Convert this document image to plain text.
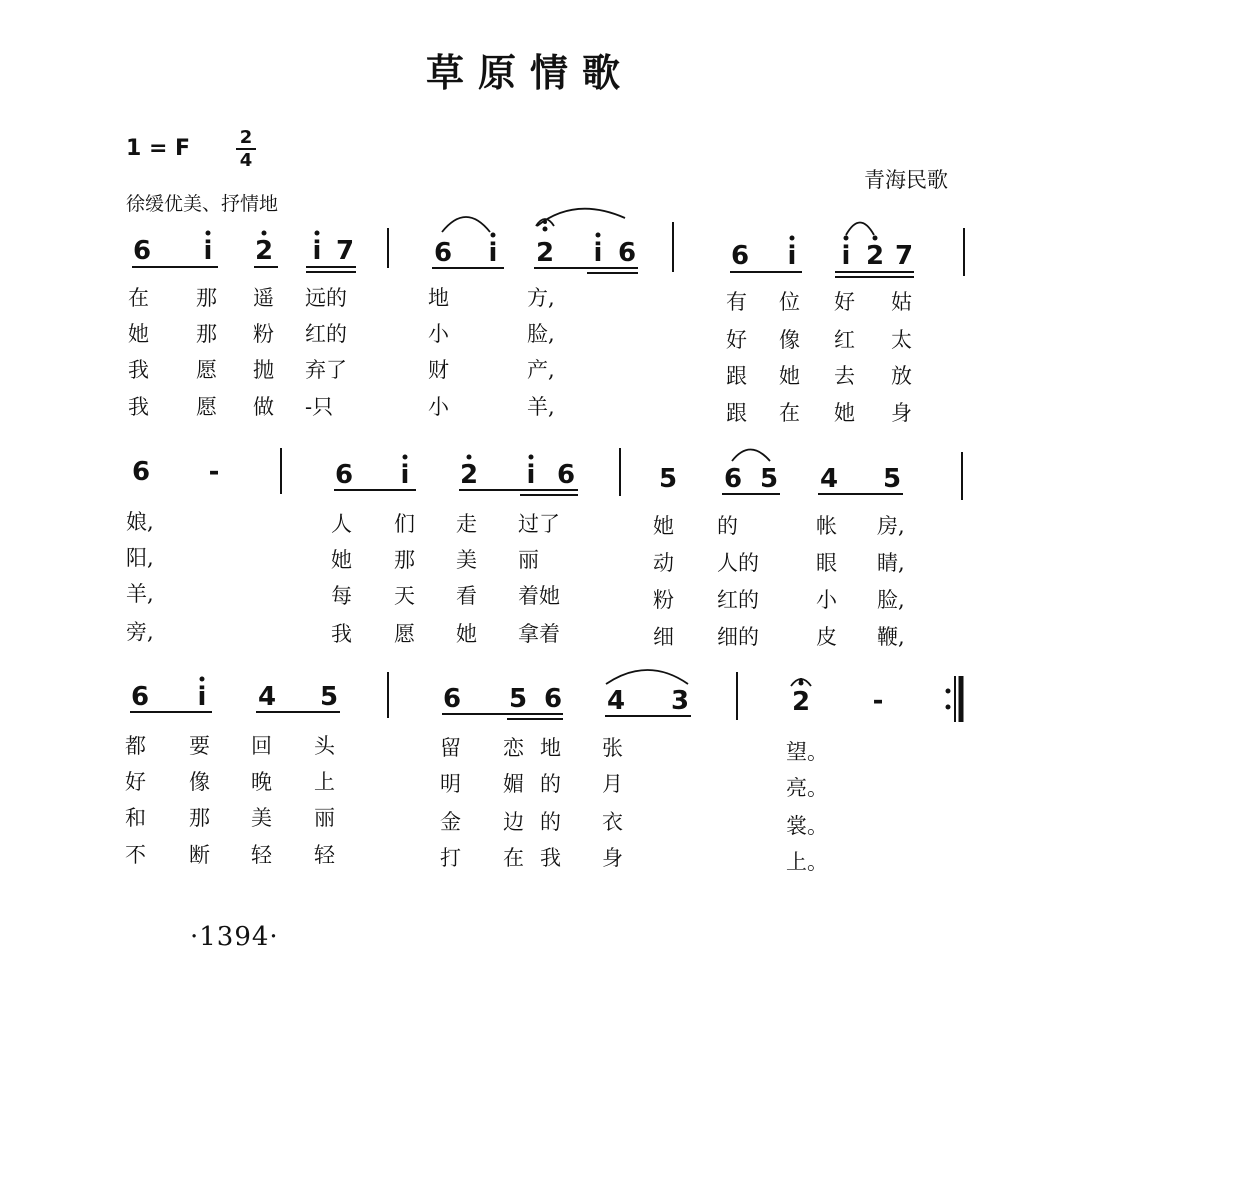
草原情歌
1 = F	2
4
青海民歌
徐缓优美、抒情地
6	i	2	i 7	6	i	2	i 6	6	i	i 2 7
在 那 遥 远的	地	方,	有 位 好 姑
她 那 粉 红的	小	脸,	好 像 红 太
我 愿 抛 弃了	财	产,	跟 她 去 放
我 愿 做 -只	小	羊,	跟 在 她 身
6 -	6	i	2	i 6	5 6 5 4 5
娘,	人 们 走 过了	她 的	帐 房,
阳,	她 那 美 丽	动 人的	眼 睛,
羊,	每 天 看 着她	粉 红的	小 脸,
旁,	我 愿 她 拿着	细 细的	皮 鞭,
6	i	4 5	6 5 6 4 3	2 -
都 要 回 头	留 恋 地 张	望。
好 像 晚 上	明 媚 的 月	亮。
和 那 美 丽	金 边 的 衣	裳。
不 断 轻 轻	打 在 我 身	上。
·1394·
